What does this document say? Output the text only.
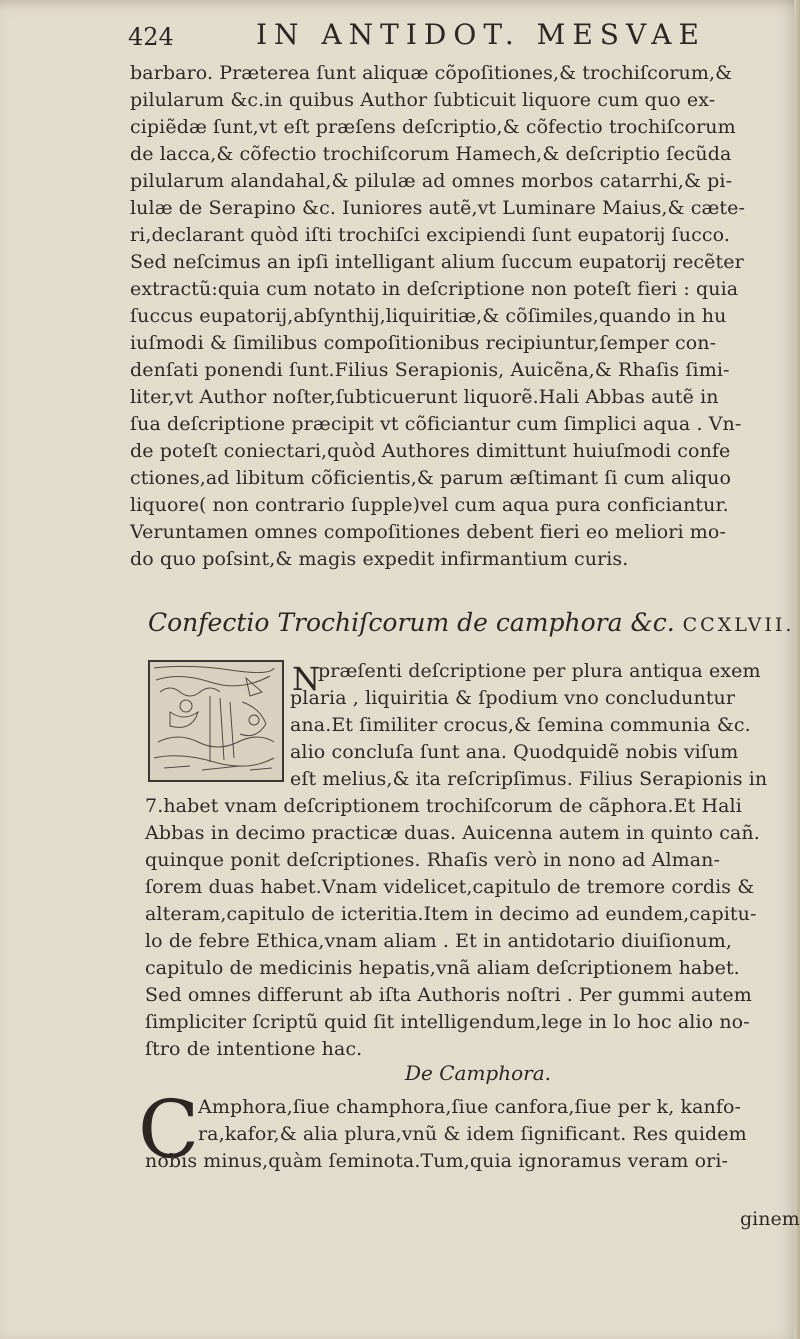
424	IN ANTIDOT. MESVAE
barbaro. Præterea ſunt aliquæ cõpoſitiones,& trochiſcorum,&
pilularum &c.in quibus Author ſubticuit liquore cum quo ex-
cipiẽdæ ſunt,vt eſt præſens deſcriptio,& cõfectio trochiſcorum
de lacca,& cõfectio trochiſcorum Hamech,& deſcriptio ſecũda
pilularum alandahal,& pilulæ ad omnes morbos catarrhi,& pi-
lulæ de Serapino &c. Iuniores autẽ,vt Luminare Maius,& cæte-
ri,declarant quòd iſti trochiſci excipiendi ſunt eupatorij ſucco.
Sed neſcimus an ipſi intelligant alium ſuccum eupatorij recẽter
extractũ:quia cum notato in deſcriptione non poteſt fieri : quia
ſuccus eupatorij,abſynthij,liquiritiæ,& cõſimiles,quando in hu
iuſmodi & ſimilibus compoſitionibus recipiuntur,ſemper con-
denſati ponendi ſunt.Filius Serapionis, Auicẽna,& Rhaſis ſimi-
liter,vt Author noſter,ſubticuerunt liquorẽ.Hali Abbas autẽ in
ſua deſcriptione præcipit vt cõficiantur cum ſimplici aqua . Vn-
de poteſt coniectari,quòd Authores dimittunt huiuſmodi confe
ctiones,ad libitum cõficientis,& parum æſtimant ſi cum aliquo
liquore( non contrario ſupple)vel cum aqua pura conficiantur.
Veruntamen omnes compoſitiones debent fieri eo meliori mo-
do quo poſsint,& magis expedit infirmantium curis.
Confectio Trochiſcorum de camphora &c. CCXLVII.
N
præſenti deſcriptione per plura antiqua exem
plaria , liquiritia & ſpodium vno concluduntur
ana.Et ſimiliter crocus,& ſemina communia &c.
alio concluſa ſunt ana. Quodquidẽ nobis viſum
eſt melius,& ita reſcripſimus. Filius Serapionis in
7.habet vnam deſcriptionem trochiſcorum de cãphora.Et Hali
Abbas in decimo practicæ duas. Auicenna autem in quinto cañ.
quinque ponit deſcriptiones. Rhaſis verò in nono ad Alman-
ſorem duas habet.Vnam videlicet,capitulo de tremore cordis &
alteram,capitulo de icteritia.Item in decimo ad eundem,capitu-
lo de febre Ethica,vnam aliam . Et in antidotario diuiſionum,
capitulo de medicinis hepatis,vnã aliam deſcriptionem habet.
Sed omnes differunt ab iſta Authoris noſtri . Per gummi autem
ſimpliciter ſcriptũ quid ſit intelligendum,lege in lo hoc alio no-
ſtro de intentione hac.
De Camphora.
C
Amphora,ſiue champhora,ſiue canfora,ſiue per k, kanfo-
ra,kafor,& alia plura,vnũ & idem ſignificant. Res quidem
nobis minus,quàm ſeminota.Tum,quia ignoramus veram ori-
ginem
